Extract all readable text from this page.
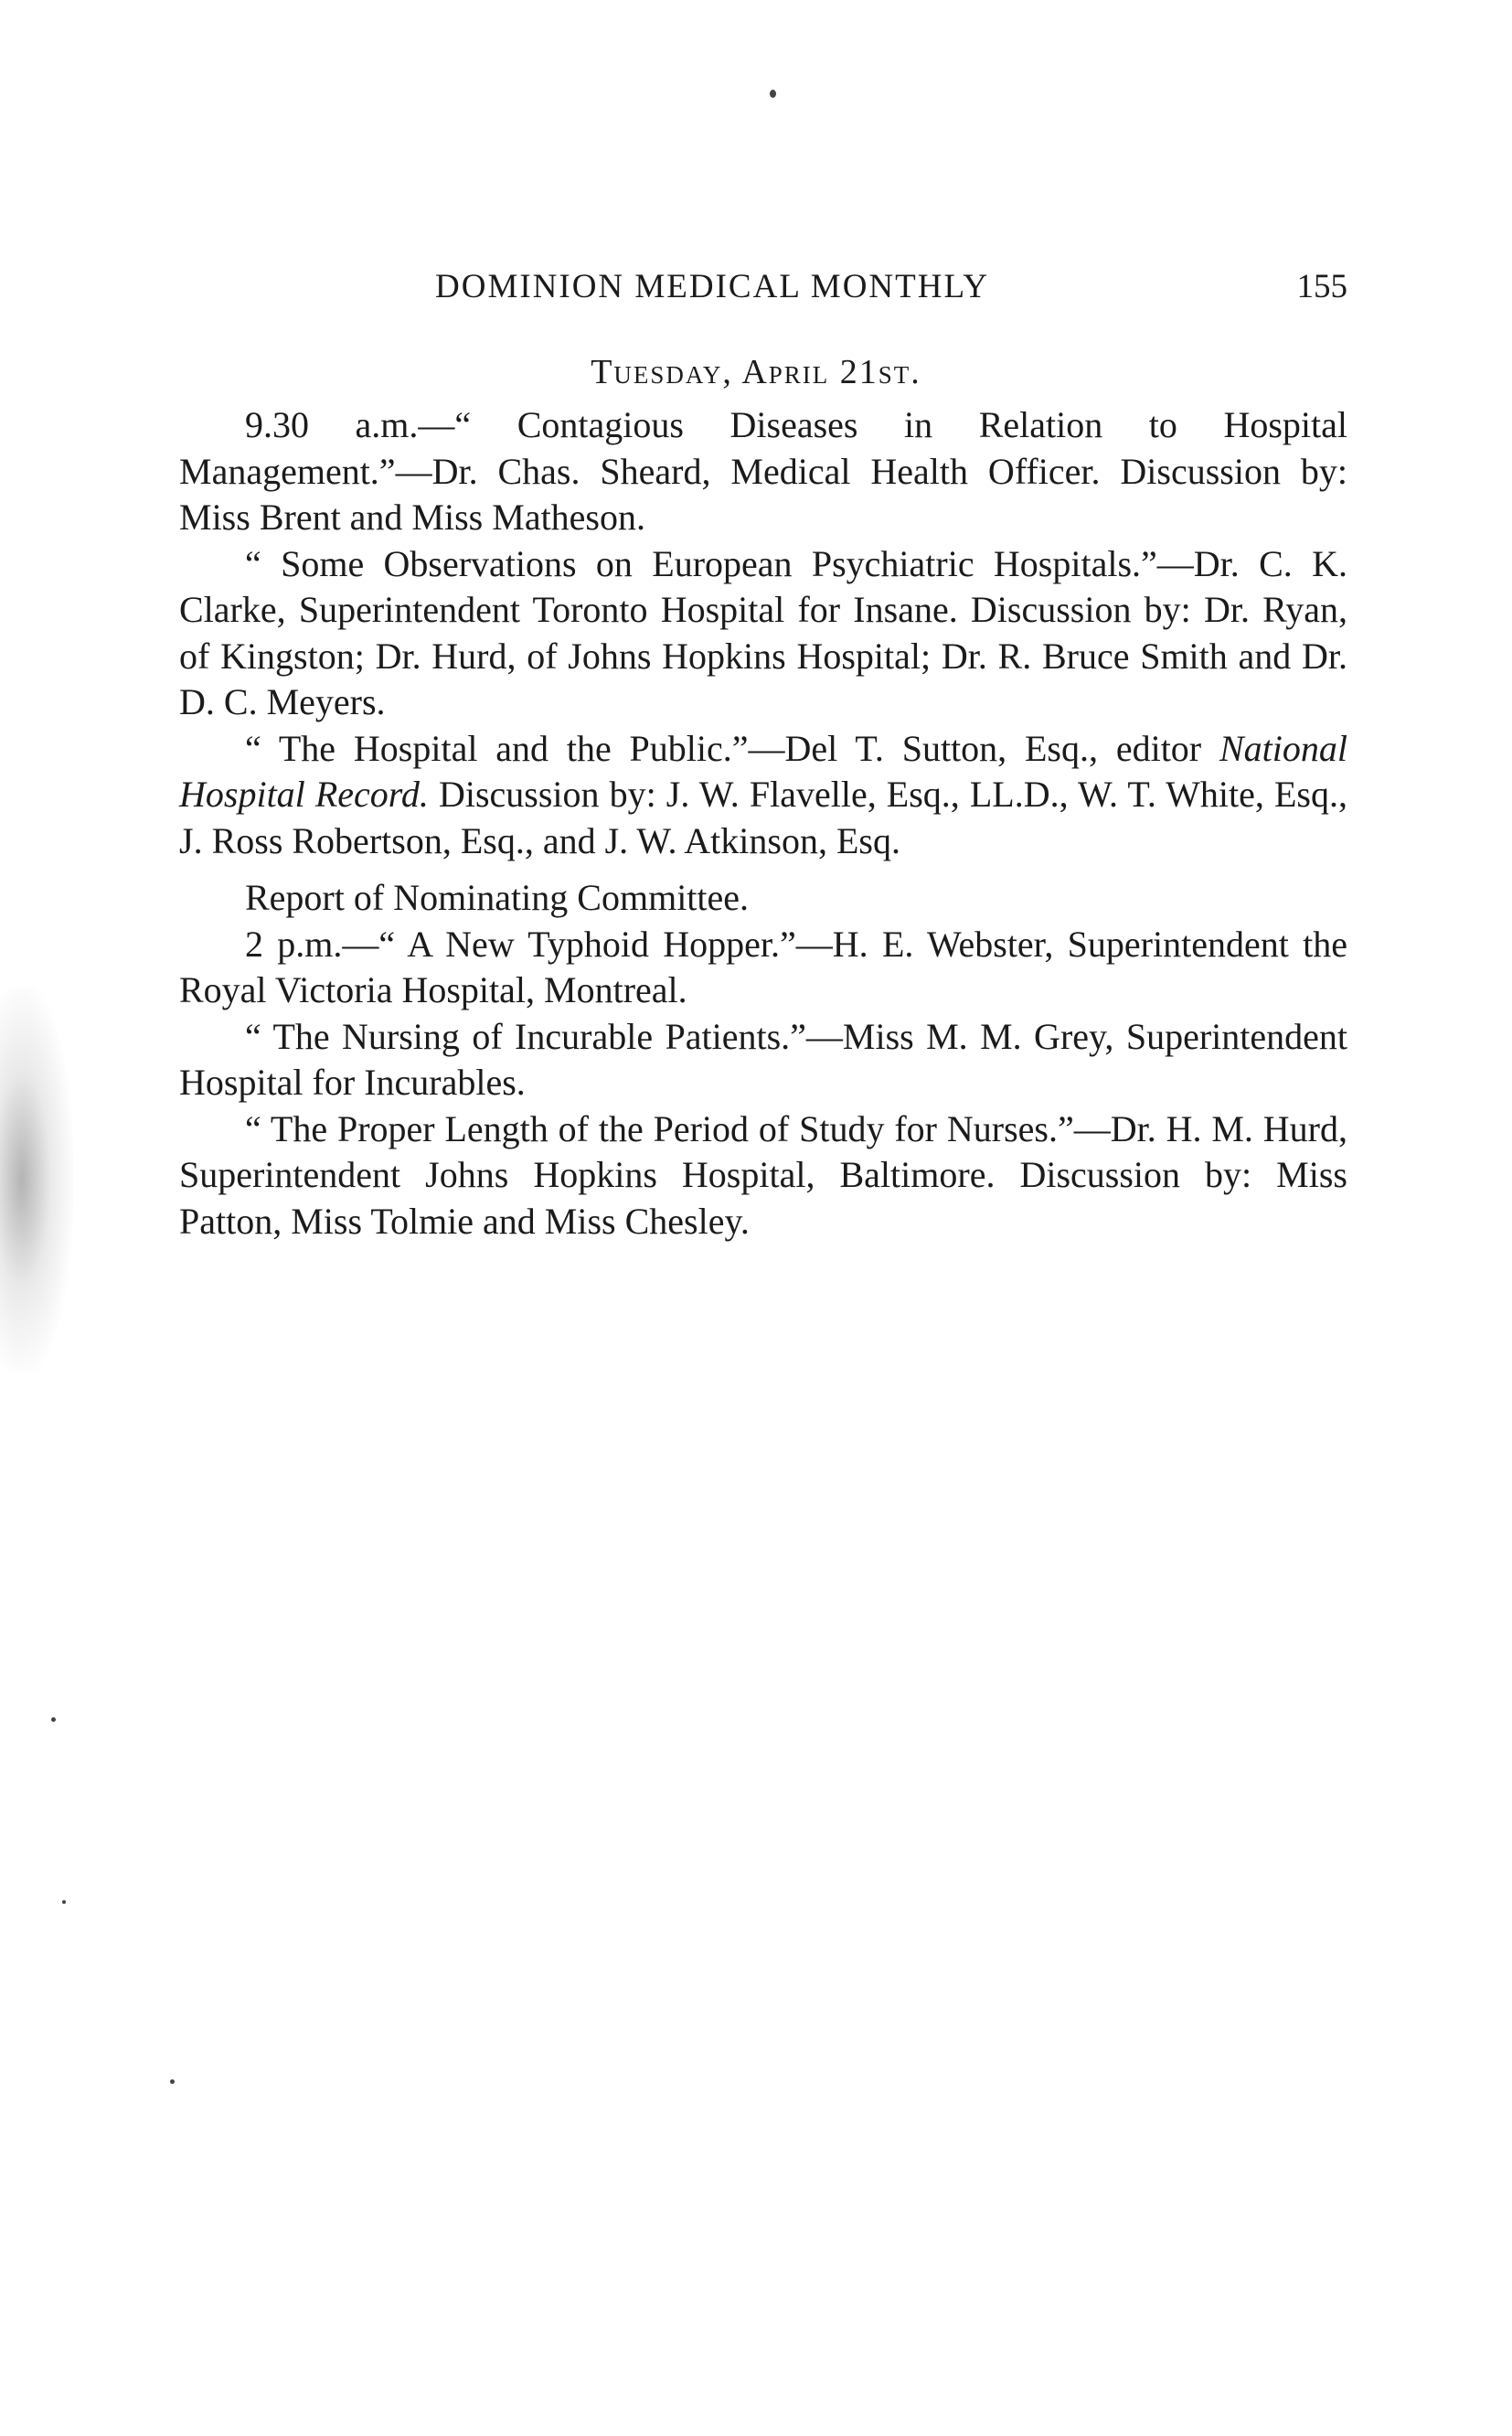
DOMINION MEDICAL MONTHLY	155
Tuesday, April 21st.

9.30 a.m.—“ Contagious Diseases in Relation to Hospital Management.”—Dr. Chas. Sheard, Medical Health Officer. Discussion by: Miss Brent and Miss Matheson.

“ Some Observations on European Psychiatric Hospitals.”—Dr. C. K. Clarke, Superintendent Toronto Hospital for Insane. Discussion by: Dr. Ryan, of Kingston; Dr. Hurd, of Johns Hopkins Hospital; Dr. R. Bruce Smith and Dr. D. C. Meyers.

“ The Hospital and the Public.”—Del T. Sutton, Esq., editor National Hospital Record. Discussion by: J. W. Flavelle, Esq., LL.D., W. T. White, Esq., J. Ross Robertson, Esq., and J. W. Atkinson, Esq.

Report of Nominating Committee.

2 p.m.—“ A New Typhoid Hopper.”—H. E. Webster, Superintendent the Royal Victoria Hospital, Montreal.

“ The Nursing of Incurable Patients.”—Miss M. M. Grey, Superintendent Hospital for Incurables.

“ The Proper Length of the Period of Study for Nurses.”—Dr. H. M. Hurd, Superintendent Johns Hopkins Hospital, Baltimore. Discussion by: Miss Patton, Miss Tolmie and Miss Chesley.
